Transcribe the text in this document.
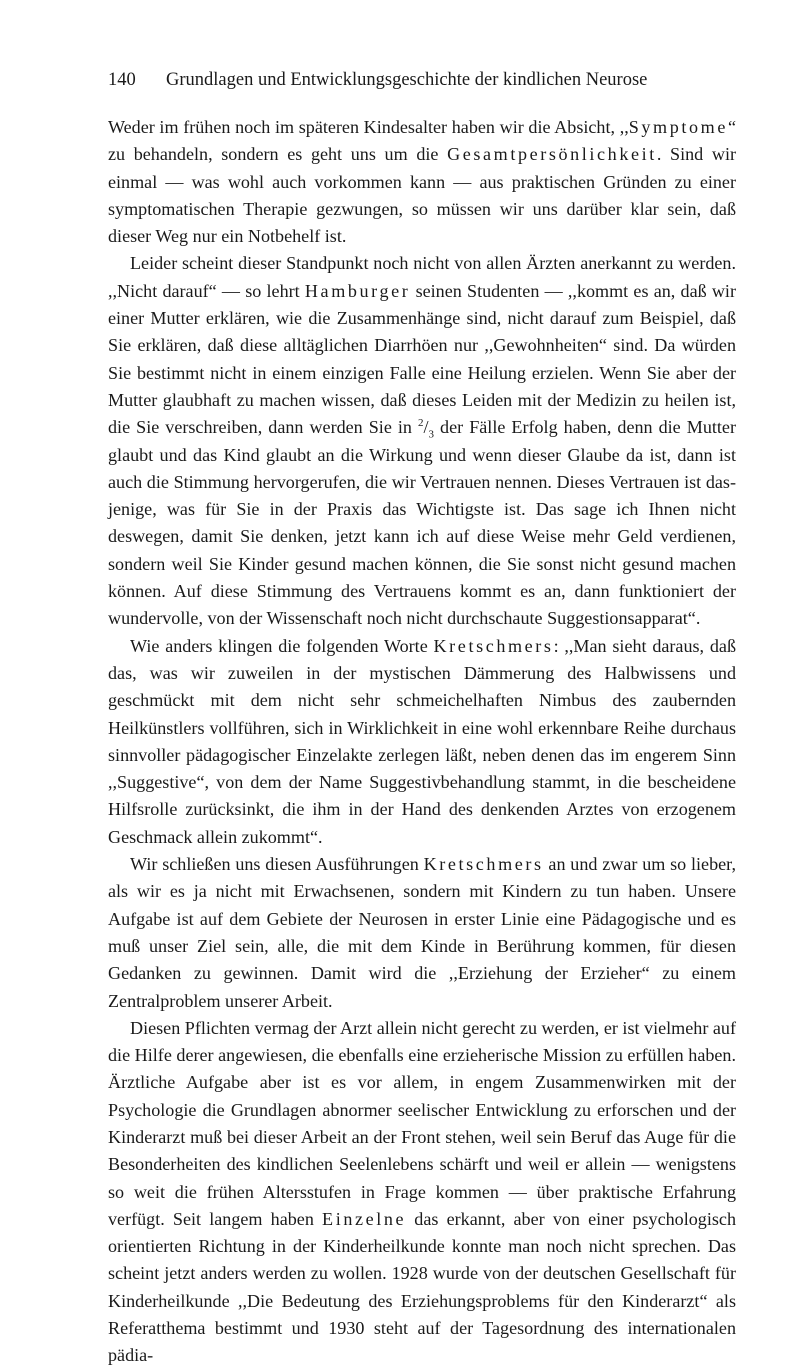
140 Grundlagen und Entwicklungsgeschichte der kindlichen Neurose

Weder im frühen noch im späteren Kindesalter haben wir die Absicht, ,,Symptome“ zu behandeln, sondern es geht uns um die Gesamtpersönlichkeit. Sind wir einmal — was wohl auch vorkommen kann — aus praktischen Gründen zu einer symptomatischen Therapie gezwungen, so müssen wir uns darüber klar sein, daß dieser Weg nur ein Notbehelf ist.

Leider scheint dieser Standpunkt noch nicht von allen Ärzten anerkannt zu werden. ,,Nicht darauf“ — so lehrt Hamburger seinen Studenten — ,,kommt es an, daß wir einer Mutter erklären, wie die Zusammenhänge sind, nicht darauf zum Beispiel, daß Sie erklären, daß diese alltäglichen Diarrhöen nur ,,Gewohnheiten“ sind. Da würden Sie bestimmt nicht in einem einzigen Falle eine Heilung erzielen. Wenn Sie aber der Mutter glaubhaft zu machen wissen, daß dieses Leiden mit der Medizin zu heilen ist, die Sie verschreiben, dann werden Sie in $^2/_3$ der Fälle Erfolg haben, denn die Mutter glaubt und das Kind glaubt an die Wirkung und wenn dieser Glaube da ist, dann ist auch die Stimmung hervorgerufen, die wir Vertrauen nennen. Dieses Vertrauen ist dasjenige, was für Sie in der Praxis das Wichtigste ist. Das sage ich Ihnen nicht deswegen, damit Sie denken, jetzt kann ich auf diese Weise mehr Geld verdienen, sondern weil Sie Kinder gesund machen können, die Sie sonst nicht gesund machen können. Auf diese Stimmung des Vertrauens kommt es an, dann funktioniert der wundervolle, von der Wissenschaft noch nicht durchschaute Suggestionsapparat“.

Wie anders klingen die folgenden Worte Kretschmers: ,,Man sieht daraus, daß das, was wir zuweilen in der mystischen Dämmerung des Halbwissens und geschmückt mit dem nicht sehr schmeichelhaften Nimbus des zaubernden Heilkünstlers vollführen, sich in Wirklichkeit in eine wohl erkennbare Reihe durchaus sinnvoller pädagogischer Einzelakte zerlegen läßt, neben denen das im engerem Sinn ,,Suggestive“, von dem der Name Suggestivbehandlung stammt, in die bescheidene Hilfsrolle zurücksinkt, die ihm in der Hand des denkenden Arztes von erzogenem Geschmack allein zukommt“.

Wir schließen uns diesen Ausführungen Kretschmers an und zwar um so lieber, als wir es ja nicht mit Erwachsenen, sondern mit Kindern zu tun haben. Unsere Aufgabe ist auf dem Gebiete der Neurosen in erster Linie eine Pädagogische und es muß unser Ziel sein, alle, die mit dem Kinde in Berührung kommen, für diesen Gedanken zu gewinnen. Damit wird die ,,Erziehung der Erzieher“ zu einem Zentralproblem unserer Arbeit.

Diesen Pflichten vermag der Arzt allein nicht gerecht zu werden, er ist vielmehr auf die Hilfe derer angewiesen, die ebenfalls eine erzieherische Mission zu erfüllen haben. Ärztliche Aufgabe aber ist es vor allem, in engem Zusammenwirken mit der Psychologie die Grundlagen abnormer seelischer Entwicklung zu erforschen und der Kinderarzt muß bei dieser Arbeit an der Front stehen, weil sein Beruf das Auge für die Besonderheiten des kindlichen Seelenlebens schärft und weil er allein — wenigstens so weit die frühen Altersstufen in Frage kommen — über praktische Erfahrung verfügt. Seit langem haben Einzelne das erkannt, aber von einer psychologisch orientierten Richtung in der Kinderheilkunde konnte man noch nicht sprechen. Das scheint jetzt anders werden zu wollen. 1928 wurde von der deutschen Gesellschaft für Kinderheilkunde ,,Die Bedeutung des Erziehungsproblems für den Kinderarzt“ als Referatthema bestimmt und 1930 steht auf der Tagesordnung des internationalen pädia-
